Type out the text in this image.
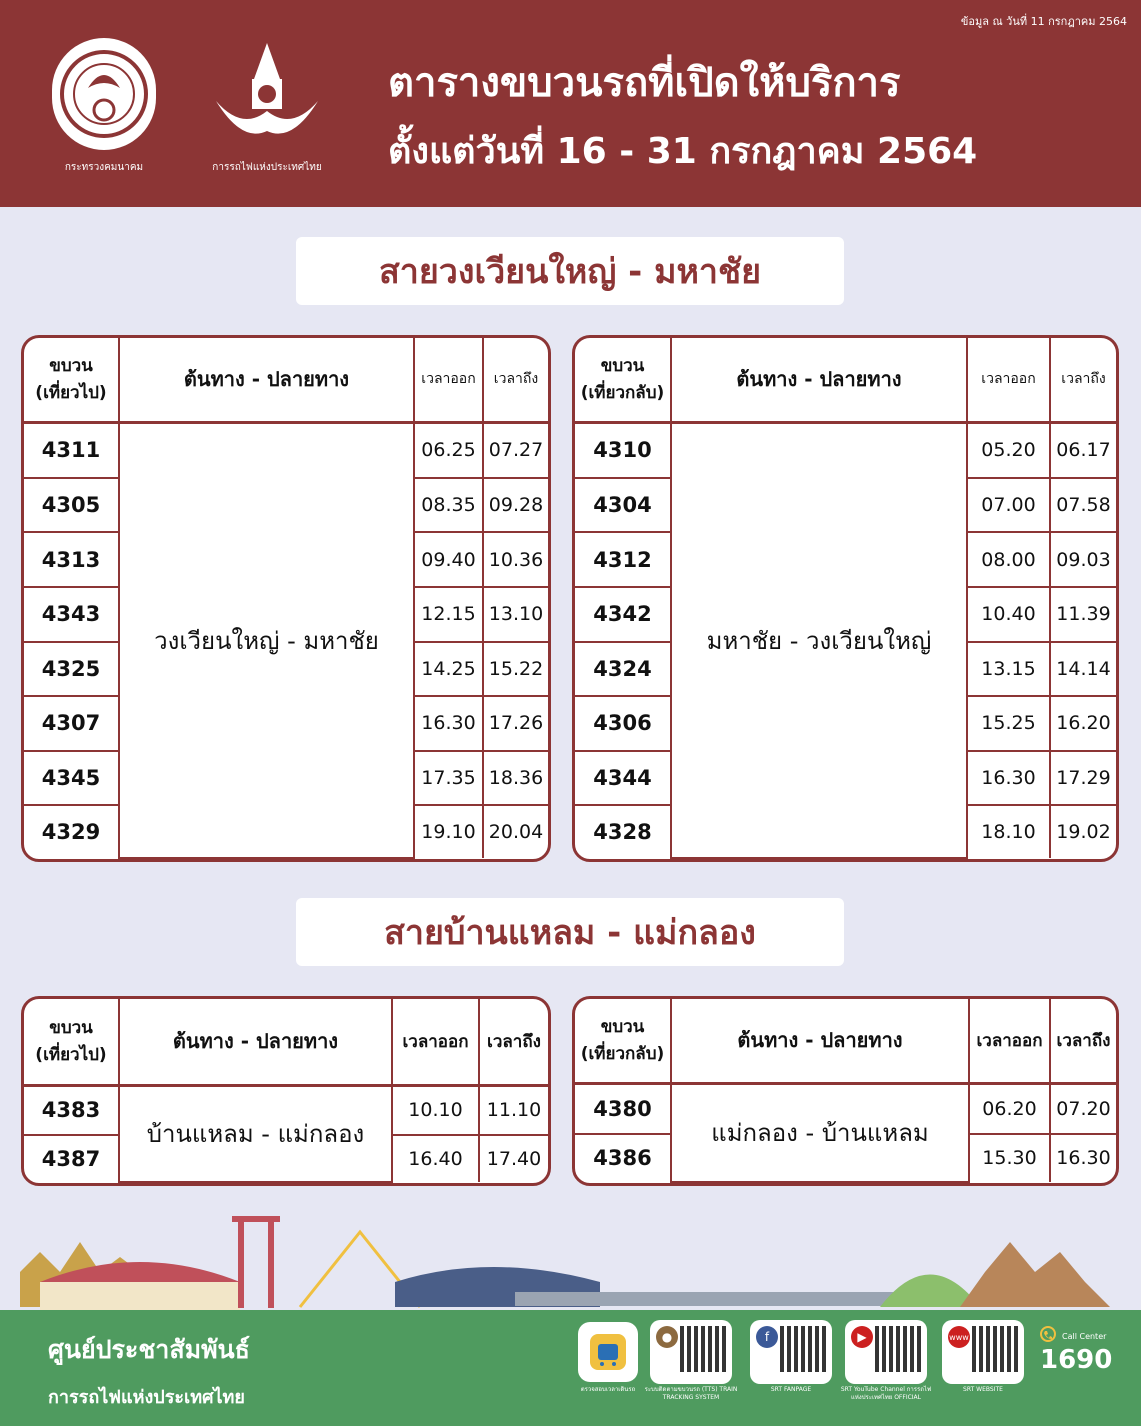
ข้อมูล ณ วันที่ 11 กรกฎาคม 2564
กระทรวงคมนาคม	การรถไฟแห่งประเทศไทย
ตารางขบวนรถที่เปิดให้บริการ
ตั้งแต่วันที่ 16 - 31 กรกฎาคม 2564
สายวงเวียนใหญ่ - มหาชัย
ขบวน
(เที่ยวไป)	ต้นทาง - ปลายทาง	เวลาออก	เวลาถึง
4311	วงเวียนใหญ่ - มหาชัย	06.25	07.27
4305		08.35	09.28
4313		09.40	10.36
4343		12.15	13.10
4325		14.25	15.22
4307		16.30	17.26
4345		17.35	18.36
4329		19.10	20.04
ขบวน
(เที่ยวกลับ)	ต้นทาง - ปลายทาง	เวลาออก	เวลาถึง
4310	มหาชัย - วงเวียนใหญ่	05.20	06.17
4304		07.00	07.58
4312		08.00	09.03
4342		10.40	11.39
4324		13.15	14.14
4306		15.25	16.20
4344		16.30	17.29
4328		18.10	19.02
สายบ้านแหลม - แม่กลอง
ขบวน
(เที่ยวไป)	ต้นทาง - ปลายทาง	เวลาออก	เวลาถึง
4383	บ้านแหลม - แม่กลอง	10.10	11.10
4387		16.40	17.40
ขบวน
(เที่ยวกลับ)	ต้นทาง - ปลายทาง	เวลาออก	เวลาถึง
4380	แม่กลอง - บ้านแหลม	06.20	07.20
4386		15.30	16.30
ศูนย์ประชาสัมพันธ์
การรถไฟแห่งประเทศไทย	ตรวจสอบเวลาเดินรถ
●
ระบบติดตามขบวนรถ (TTS) TRAIN TRACKING SYSTEM
f
SRT FANPAGE
▶
SRT YouTube Channel การรถไฟแห่งประเทศไทย OFFICIAL
www
SRT WEBSITE
Call Center
1690
